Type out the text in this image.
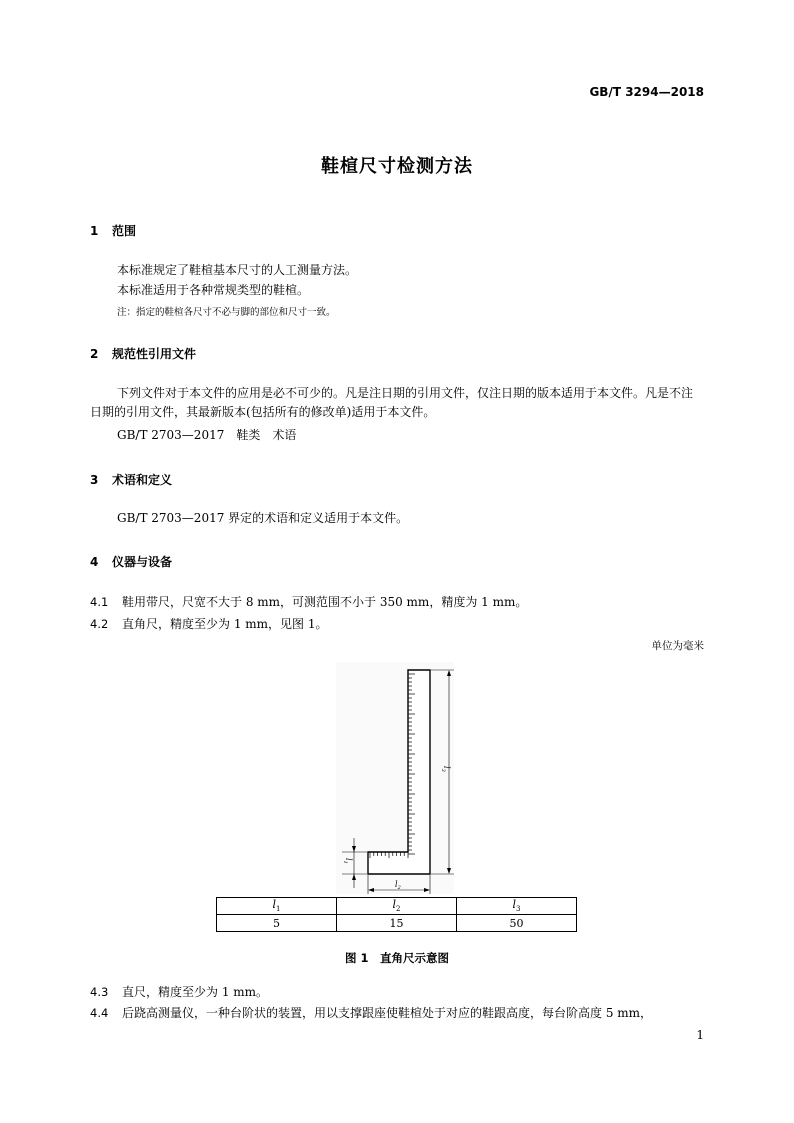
GB/T 3294—2018
鞋楦尺寸检测方法
1 范围
本标准规定了鞋楦基本尺寸的人工测量方法。
本标准适用于各种常规类型的鞋楦。
注：指定的鞋楦各尺寸不必与脚的部位和尺寸一致。
2 规范性引用文件
下列文件对于本文件的应用是必不可少的。凡是注日期的引用文件，仅注日期的版本适用于本文件。凡是不注日期的引用文件，其最新版本(包括所有的修改单)适用于本文件。
GB/T 2703—2017　鞋类　术语
3 术语和定义
GB/T 2703—2017 界定的术语和定义适用于本文件。
4 仪器与设备
4.1 鞋用带尺，尺宽不大于 8 mm，可测范围不小于 350 mm，精度为 1 mm。
4.2 直角尺，精度至少为 1 mm，见图 1。
单位为毫米
$l_3$
$l_1$
$l_2$
$l_1$	$l_2$	$l_3$
5	15	50
图 1　直角尺示意图
4.3 直尺，精度至少为 1 mm。
4.4 后跷高测量仪，一种台阶状的装置，用以支撑跟座使鞋楦处于对应的鞋跟高度，每台阶高度 5 mm，
1
